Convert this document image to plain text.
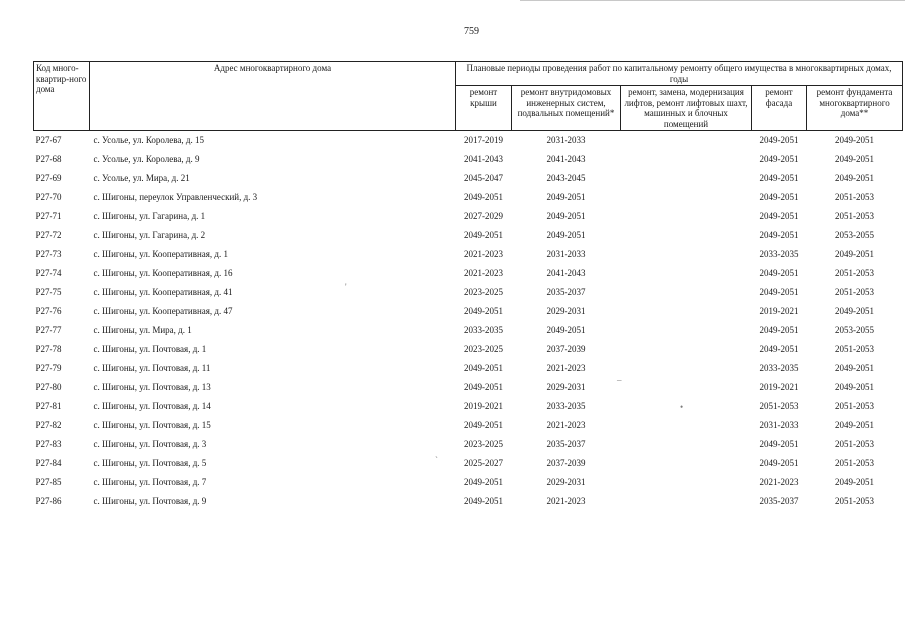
759
Код много-квартир-ного дома	Адрес многоквартирного дома	Плановые периоды проведения работ по капитальному ремонту общего имущества в многоквартирных домах, годы				
		ремонт крыши	ремонт внутридомовых инженерных систем, подвальных помещений*	ремонт, замена, модернизация лифтов, ремонт лифтовых шахт, машинных и блочных помещений	ремонт фасада	ремонт фундамента многоквартирного дома**
Р27-67	с. Усолье, ул. Королева, д. 15	2017-2019	2031-2033		2049-2051	2049-2051
Р27-68	с. Усолье, ул. Королева, д. 9	2041-2043	2041-2043		2049-2051	2049-2051
Р27-69	с. Усолье, ул. Мира, д. 21	2045-2047	2043-2045		2049-2051	2049-2051
Р27-70	с. Шигоны, переулок Управленческий, д. 3	2049-2051	2049-2051		2049-2051	2051-2053
Р27-71	с. Шигоны, ул. Гагарина, д. 1	2027-2029	2049-2051		2049-2051	2051-2053
Р27-72	с. Шигоны, ул. Гагарина, д. 2	2049-2051	2049-2051		2049-2051	2053-2055
Р27-73	с. Шигоны, ул. Кооперативная, д. 1	2021-2023	2031-2033		2033-2035	2049-2051
Р27-74	с. Шигоны, ул. Кооперативная, д. 16	2021-2023	2041-2043		2049-2051	2051-2053
Р27-75	с. Шигоны, ул. Кооперативная, д. 41	2023-2025	2035-2037		2049-2051	2051-2053
Р27-76	с. Шигоны, ул. Кооперативная, д. 47	2049-2051	2029-2031		2019-2021	2049-2051
Р27-77	с. Шигоны, ул. Мира, д. 1	2033-2035	2049-2051		2049-2051	2053-2055
Р27-78	с. Шигоны, ул. Почтовая, д. 1	2023-2025	2037-2039		2049-2051	2051-2053
Р27-79	с. Шигоны, ул. Почтовая, д. 11	2049-2051	2021-2023		2033-2035	2049-2051
Р27-80	с. Шигоны, ул. Почтовая, д. 13	2049-2051	2029-2031		2019-2021	2049-2051
Р27-81	с. Шигоны, ул. Почтовая, д. 14	2019-2021	2033-2035		2051-2053	2051-2053
Р27-82	с. Шигоны, ул. Почтовая, д. 15	2049-2051	2021-2023		2031-2033	2049-2051
Р27-83	с. Шигоны, ул. Почтовая, д. 3	2023-2025	2035-2037		2049-2051	2051-2053
Р27-84	с. Шигоны, ул. Почтовая, д. 5	2025-2027	2037-2039		2049-2051	2051-2053
Р27-85	с. Шигоны, ул. Почтовая, д. 7	2049-2051	2029-2031		2021-2023	2049-2051
Р27-86	с. Шигоны, ул. Почтовая, д. 9	2049-2051	2021-2023		2035-2037	2051-2053
'
–
•
`
